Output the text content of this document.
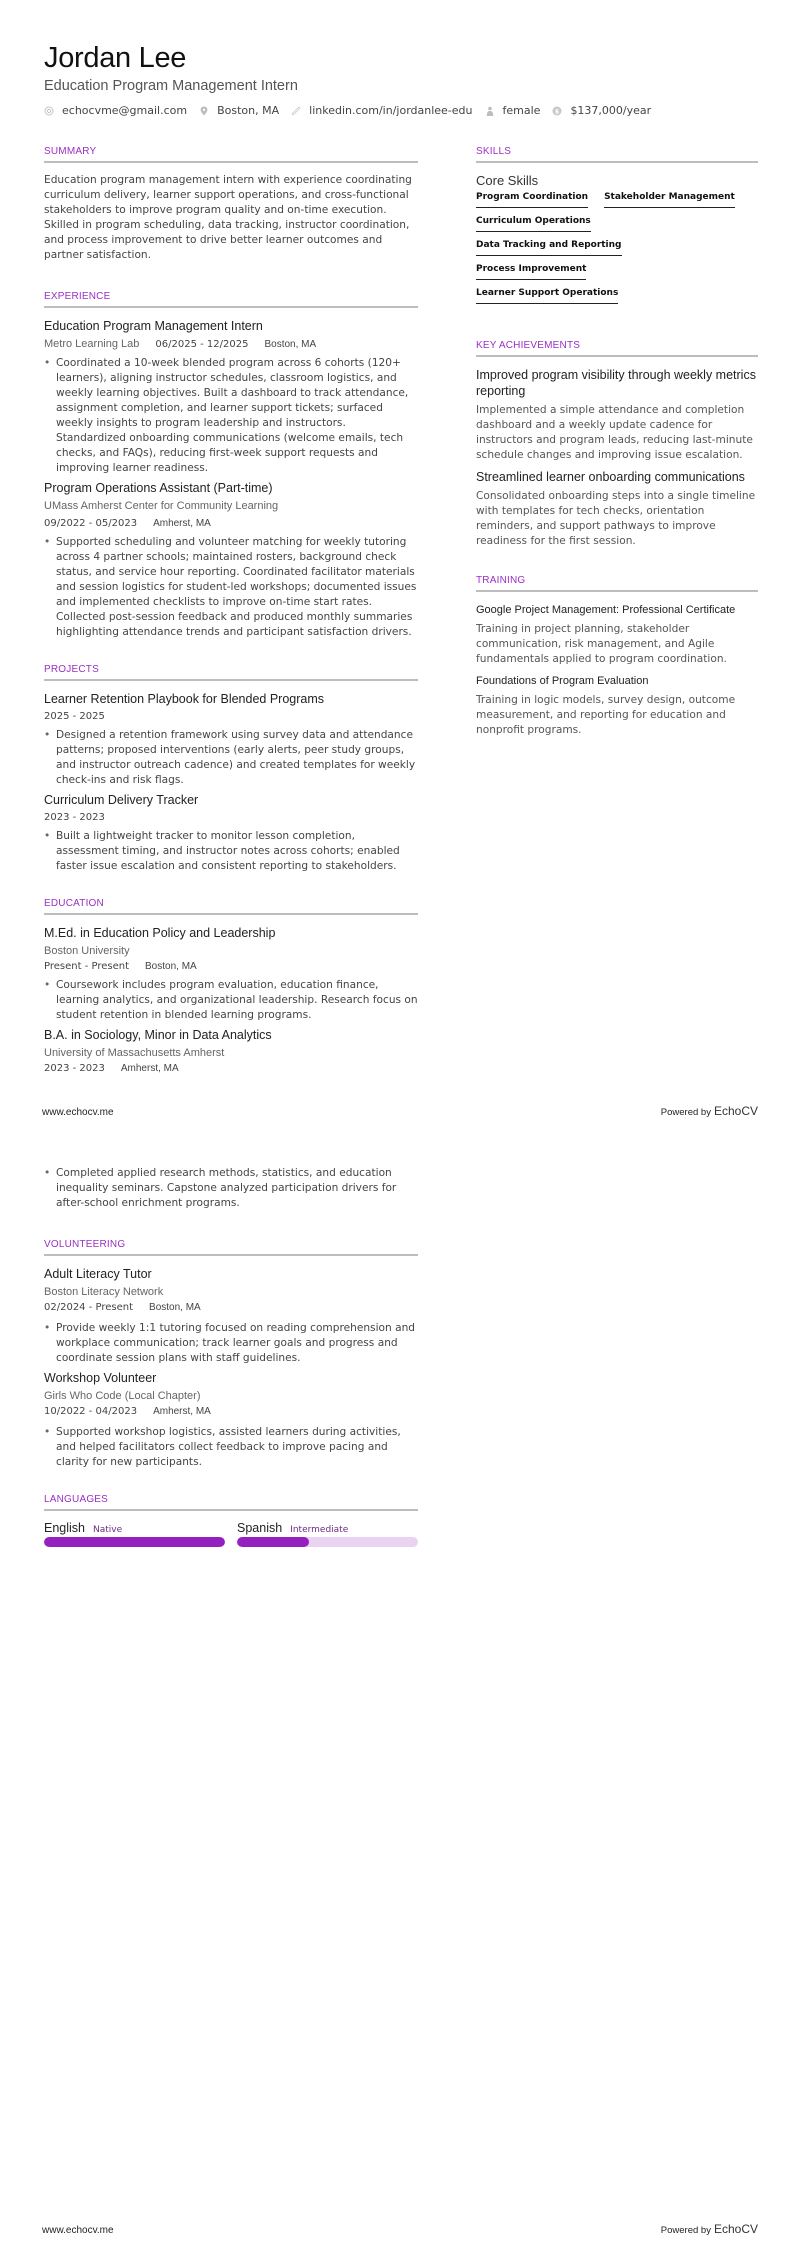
Jordan Lee
Education Program Management Intern
echocvme@gmail.com	Boston, MA	linkedin.com/in/jordanlee-edu	female $ $137,000/year
SUMMARY

Education program management intern with experience coordinating curriculum delivery, learner support operations, and cross-functional stakeholders to improve program quality and on-time execution.

Skilled in program scheduling, data tracking, instructor coordination, and process improvement to drive better learner outcomes and partner satisfaction.

EXPERIENCE
Education Program Management Intern
Metro Learning Lab 06/2025 - 12/2025 Boston, MA
• Coordinated a 10-week blended program across 6 cohorts (120+ learners), aligning instructor schedules, classroom logistics, and weekly learning objectives. Built a dashboard to track attendance, assignment completion, and learner support tickets; surfaced weekly insights to program leadership and instructors. Standardized onboarding communications (welcome emails, tech checks, and FAQs), reducing first-week support requests and improving learner readiness.
Program Operations Assistant (Part-time)
UMass Amherst Center for Community Learning
09/2022 - 05/2023 Amherst, MA
• Supported scheduling and volunteer matching for weekly tutoring across 4 partner schools; maintained rosters, background check status, and service hour reporting. Coordinated facilitator materials and session logistics for student-led workshops; documented issues and implemented checklists to improve on-time start rates. Collected post-session feedback and produced monthly summaries highlighting attendance trends and participant satisfaction drivers.
PROJECTS
Learner Retention Playbook for Blended Programs
2025 - 2025
• Designed a retention framework using survey data and attendance patterns; proposed interventions (early alerts, peer study groups, and instructor outreach cadence) and created templates for weekly check-ins and risk flags.
Curriculum Delivery Tracker
2023 - 2023
• Built a lightweight tracker to monitor lesson completion, assessment timing, and instructor notes across cohorts; enabled faster issue escalation and consistent reporting to stakeholders.
EDUCATION
M.Ed. in Education Policy and Leadership
Boston University
Present - Present Boston, MA
• Coursework includes program evaluation, education finance, learning analytics, and organizational leadership. Research focus on student retention in blended learning programs.
B.A. in Sociology, Minor in Data Analytics
University of Massachusetts Amherst
2023 - 2023 Amherst, MA
SKILLS
Core Skills
Program Coordination Stakeholder Management
Curriculum Operations
Data Tracking and Reporting
Process Improvement
Learner Support Operations
KEY ACHIEVEMENTS
Improved program visibility through weekly metrics reporting
Implemented a simple attendance and completion dashboard and a weekly update cadence for instructors and program leads, reducing last-minute schedule changes and improving issue escalation.
Streamlined learner onboarding communications
Consolidated onboarding steps into a single timeline with templates for tech checks, orientation reminders, and support pathways to improve readiness for the first session.
TRAINING
Google Project Management: Professional Certificate
Training in project planning, stakeholder communication, risk management, and Agile fundamentals applied to program coordination.
Foundations of Program Evaluation
Training in logic models, survey design, outcome measurement, and reporting for education and nonprofit programs.
www.echocv.me	Powered by EchoCV
• Completed applied research methods, statistics, and education inequality seminars. Capstone analyzed participation drivers for after-school enrichment programs.
VOLUNTEERING
Adult Literacy Tutor
Boston Literacy Network
02/2024 - Present Boston, MA
• Provide weekly 1:1 tutoring focused on reading comprehension and workplace communication; track learner goals and progress and coordinate session plans with staff guidelines.
Workshop Volunteer
Girls Who Code (Local Chapter)
10/2022 - 04/2023 Amherst, MA
• Supported workshop logistics, assisted learners during activities, and helped facilitators collect feedback to improve pacing and clarity for new participants.
LANGUAGES
English Native	Spanish Intermediate
www.echocv.me	Powered by EchoCV
